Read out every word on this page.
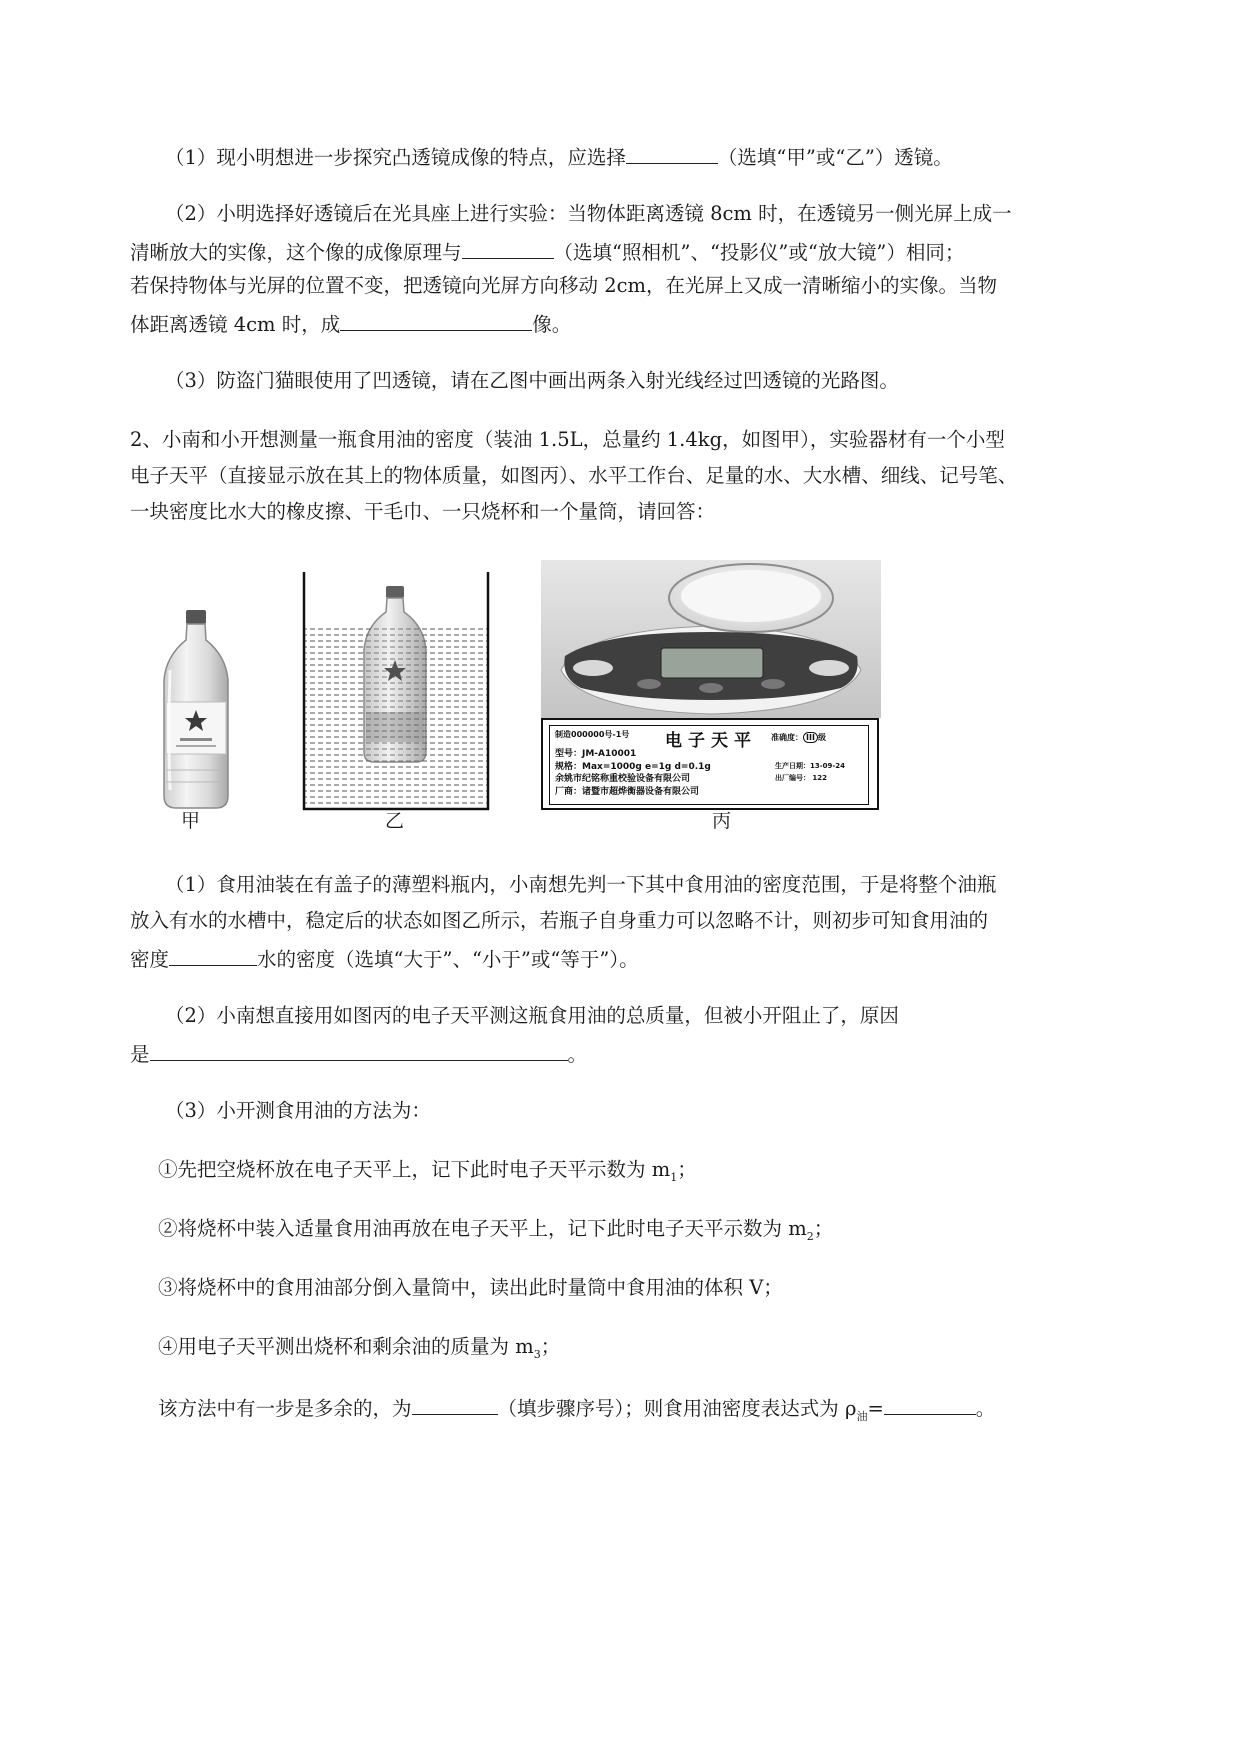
（1）现小明想进一步探究凸透镜成像的特点，应选择	（选填“甲”或“乙”）透镜。
（2）小明选择好透镜后在光具座上进行实验：当物体距离透镜 8cm 时，在透镜另一侧光屏上成一
清晰放大的实像，这个像的成像原理与	（选填“照相机”、“投影仪”或“放大镜”）相同；
若保持物体与光屏的位置不变，把透镜向光屏方向移动 2cm，在光屏上又成一清晰缩小的实像。当物
体距离透镜 4cm 时，成	像。
（3）防盗门猫眼使用了凹透镜，请在乙图中画出两条入射光线经过凹透镜的光路图。
2、小南和小开想测量一瓶食用油的密度（装油 1.5L，总量约 1.4kg，如图甲），实验器材有一个小型
电子天平（直接显示放在其上的物体质量，如图丙）、水平工作台、足量的水、大水槽、细线、记号笔、
一块密度比水大的橡皮擦、干毛巾、一只烧杯和一个量筒，请回答：
甲	乙
制造000000号-1号 电子天平 准确度： III 级
型号：JM-A10001
规格：Max=1000g e=1g d=0.1g	生产日期：13-09-24
余姚市纪铭称重校验设备有限公司	出厂编号： 122
厂商：诸暨市超烨衡器设备有限公司
丙
（1）食用油装在有盖子的薄塑料瓶内，小南想先判一下其中食用油的密度范围，于是将整个油瓶
放入有水的水槽中，稳定后的状态如图乙所示，若瓶子自身重力可以忽略不计，则初步可知食用油的
密度	水的密度（选填“大于”、“小于”或“等于”）。
（2）小南想直接用如图丙的电子天平测这瓶食用油的总质量，但被小开阻止了，原因
是	。
（3）小开测食用油的方法为：
①先把空烧杯放在电子天平上，记下此时电子天平示数为 $m_1$；
②将烧杯中装入适量食用油再放在电子天平上，记下此时电子天平示数为 $m_2$；
③将烧杯中的食用油部分倒入量筒中，读出此时量筒中食用油的体积 V；
④用电子天平测出烧杯和剩余油的质量为 $m_3$；
该方法中有一步是多余的，为	（填步骤序号）；则食用油密度表达式为 $\rho_油=$	。
